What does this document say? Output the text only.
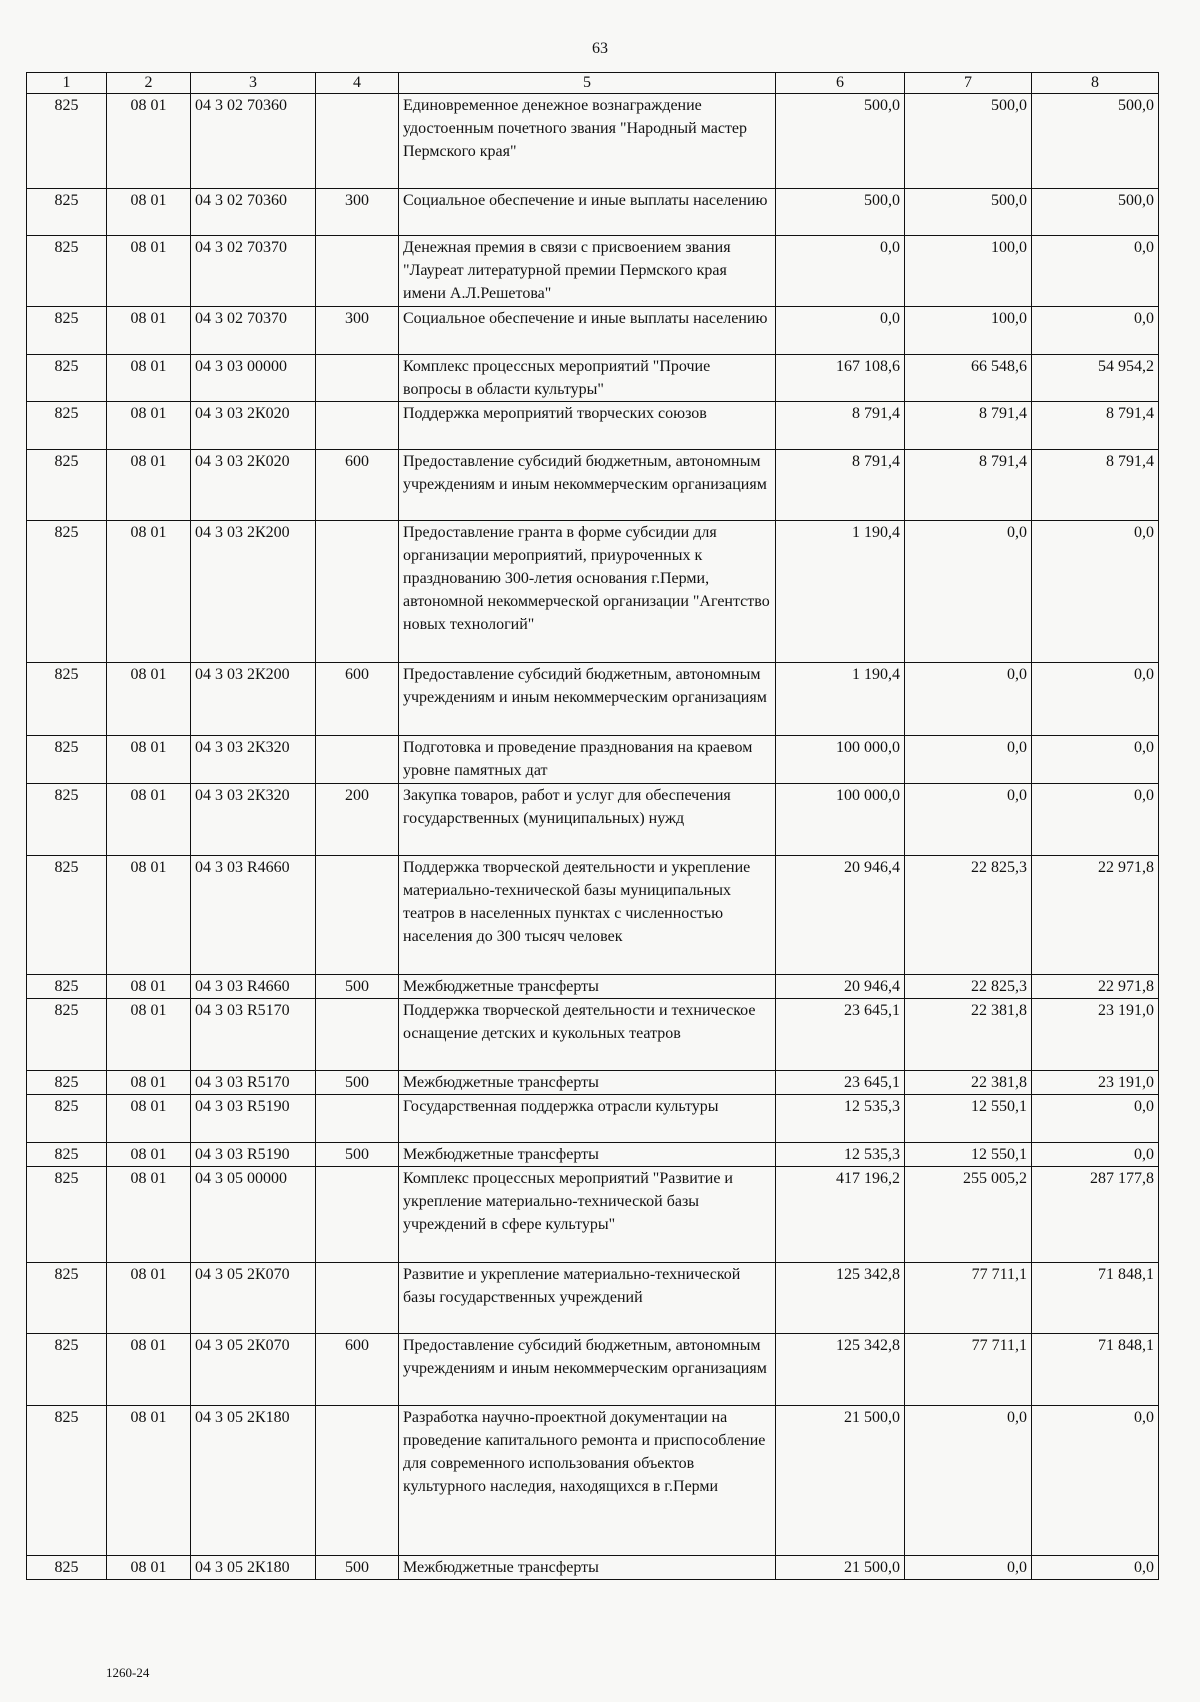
63
1	2	3	4	5	6	7	8
825	08 01	04 3 02 70360		Единовременное денежное вознаграждение удостоенным почетного звания "Народный мастер Пермского края"	500,0	500,0	500,0
825	08 01	04 3 02 70360	300	Социальное обеспечение и иные выплаты населению	500,0	500,0	500,0
825	08 01	04 3 02 70370		Денежная премия в связи с присвоением звания "Лауреат литературной премии Пермского края имени А.Л.Решетова"	0,0	100,0	0,0
825	08 01	04 3 02 70370	300	Социальное обеспечение и иные выплаты населению	0,0	100,0	0,0
825	08 01	04 3 03 00000		Комплекс процессных мероприятий "Прочие вопросы в области культуры"	167 108,6	66 548,6	54 954,2
825	08 01	04 3 03 2К020		Поддержка мероприятий творческих союзов	8 791,4	8 791,4	8 791,4
825	08 01	04 3 03 2К020	600	Предоставление субсидий бюджетным, автономным учреждениям и иным некоммерческим организациям	8 791,4	8 791,4	8 791,4
825	08 01	04 3 03 2К200		Предоставление гранта в форме субсидии для организации мероприятий, приуроченных к празднованию 300-летия основания г.Перми, автономной некоммерческой организации "Агентство новых технологий"	1 190,4	0,0	0,0
825	08 01	04 3 03 2К200	600	Предоставление субсидий бюджетным, автономным учреждениям и иным некоммерческим организациям	1 190,4	0,0	0,0
825	08 01	04 3 03 2К320		Подготовка и проведение празднования на краевом уровне памятных дат	100 000,0	0,0	0,0
825	08 01	04 3 03 2К320	200	Закупка товаров, работ и услуг для обеспечения государственных (муниципальных) нужд	100 000,0	0,0	0,0
825	08 01	04 3 03 R4660		Поддержка творческой деятельности и укрепление материально-технической базы муниципальных театров в населенных пунктах с численностью населения до 300 тысяч человек	20 946,4	22 825,3	22 971,8
825	08 01	04 3 03 R4660	500	Межбюджетные трансферты	20 946,4	22 825,3	22 971,8
825	08 01	04 3 03 R5170		Поддержка творческой деятельности и техническое оснащение детских и кукольных театров	23 645,1	22 381,8	23 191,0
825	08 01	04 3 03 R5170	500	Межбюджетные трансферты	23 645,1	22 381,8	23 191,0
825	08 01	04 3 03 R5190		Государственная поддержка отрасли культуры	12 535,3	12 550,1	0,0
825	08 01	04 3 03 R5190	500	Межбюджетные трансферты	12 535,3	12 550,1	0,0
825	08 01	04 3 05 00000		Комплекс процессных мероприятий "Развитие и укрепление материально-технической базы учреждений в сфере культуры"	417 196,2	255 005,2	287 177,8
825	08 01	04 3 05 2К070		Развитие и укрепление материально-технической базы государственных учреждений	125 342,8	77 711,1	71 848,1
825	08 01	04 3 05 2К070	600	Предоставление субсидий бюджетным, автономным учреждениям и иным некоммерческим организациям	125 342,8	77 711,1	71 848,1
825	08 01	04 3 05 2К180		Разработка научно-проектной документации на проведение капитального ремонта и приспособление для современного использования объектов культурного наследия, находящихся в г.Перми	21 500,0	0,0	0,0
825	08 01	04 3 05 2К180	500	Межбюджетные трансферты	21 500,0	0,0	0,0
1260-24
